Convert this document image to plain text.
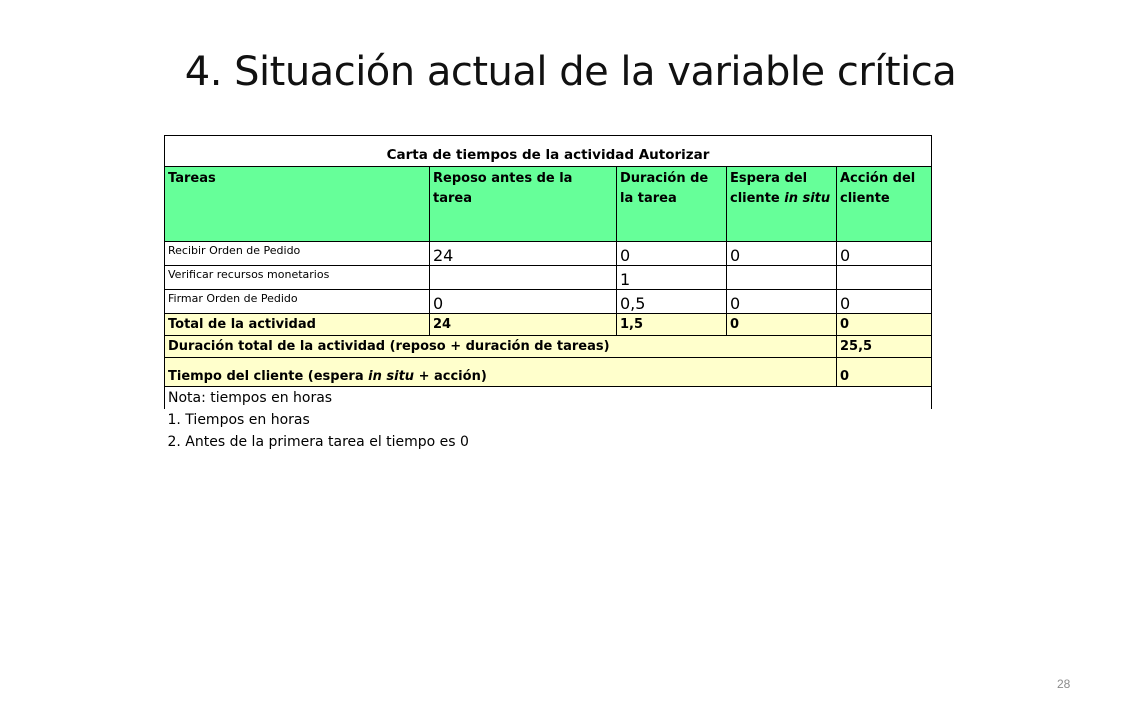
4. Situación actual de la variable crítica
Carta de tiempos de la actividad Autorizar				
Tareas	Reposo antes de la tarea	Duración de la tarea	Espera del cliente in situ	Acción del cliente
Recibir Orden de Pedido	24	0	0	0
Verificar recursos monetarios		1		
Firmar Orden de Pedido	0	0,5	0	0
Total de la actividad	24	1,5	0	0
Duración total de la actividad (reposo + duración de tareas)				25,5
Tiempo del cliente (espera in situ + acción)				0
Nota: tiempos en horas				
1. Tiempos en horas				
2. Antes de la primera tarea el tiempo es 0				
28
